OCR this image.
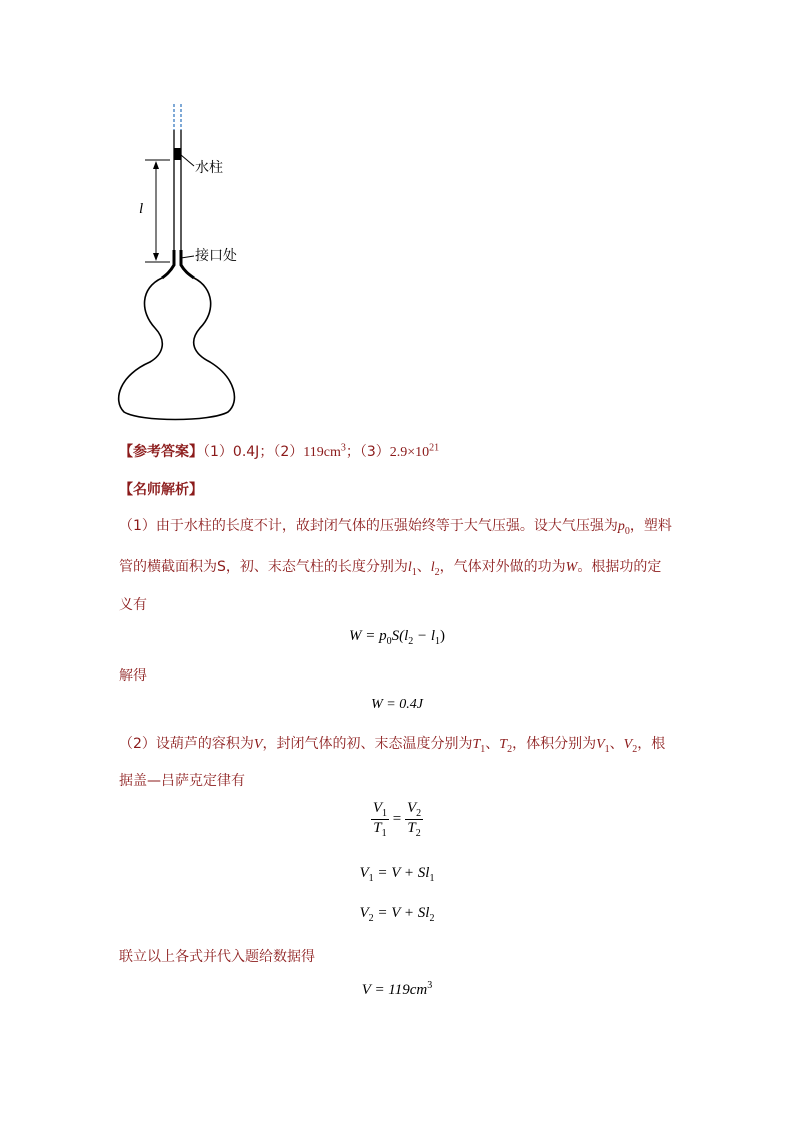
水柱
l
接口处
【参考答案】（1）0.4J；$(2)119cm^3$；$(3)2.9\times 10^{21}$
【名师解析】
（1）由于水柱的长度不计，故封闭气体的压强始终等于大气压强。设大气压强为$p_0$，塑料
管的横截面积为S，初、末态气柱的长度分别为$l_1$、$l_2$，气体对外做的功为W。根据功的定
义有
$W = p_0S(l_2 - l_1)$
解得
W = 0.4J
（2）设葫芦的容积为V，封闭气体的初、末态温度分别为$T_1$、$T_2$，体积分别为$V_1$、$V_2$，根
据盖—吕萨克定律有
$\frac{V_1}{T_1} = \frac{V_2}{T_2}$
$V_1 = V + Sl_1$
$V_2 = V + Sl_2$
联立以上各式并代入题给数据得
$V = 119cm^3$
